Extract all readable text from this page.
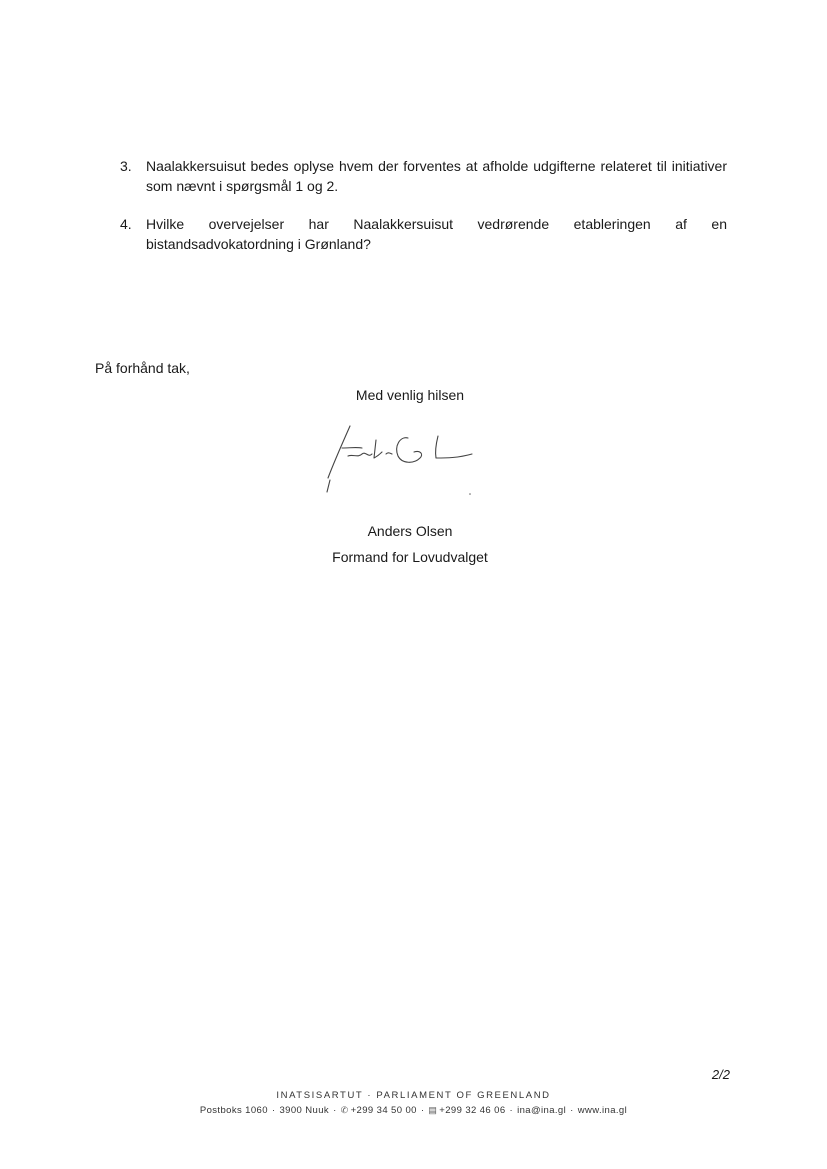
3.	Naalakkersuisut bedes oplyse hvem der forventes at afholde udgifterne relateret til initiativer som nævnt i spørgsmål 1 og 2.
4.	Hvilke overvejelser har Naalakkersuisut vedrørende etableringen af en bistandsadvokatordning i Grønland?

På forhånd tak,

Med venlig hilsen

Anders Olsen

Formand for Lovudvalget

2/2

INATSISARTUT · PARLIAMENT OF GREENLAND

Postboks 1060 · 3900 Nuuk · ✆ +299 34 50 00 · ▤ +299 32 46 06 · ina@ina.gl · www.ina.gl
